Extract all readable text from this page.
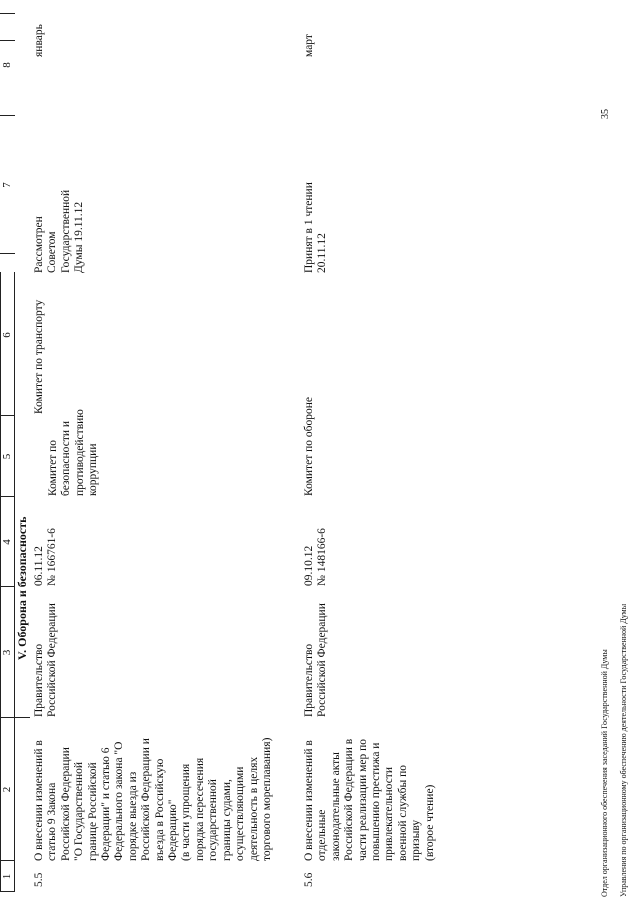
1
2
3
4
5
6
7
8
V. Оборона и безопасность
5.5
О внесении изменений в
статью 9 Закона
Российской Федерации
"О Государственной
границе Российской
Федерации" и статью 6
Федерального закона "О
порядке выезда из
Российской Федерации и
въезда в Российскую
Федерацию"
(в части упрощения
порядка пересечения
государственной
границы судами,
осуществляющими
деятельность в целях
торгового мореплавания)
Правительство
Российской Федерации
06.11.12
№ 166761-6
Комитет по
безопасности и
противодействию
коррупции
Комитет по транспорту
Рассмотрен
Советом
Государственной
Думы 19.11.12
январь
5.6
О внесении изменений в
отдельные
законодательные акты
Российской Федерации в
части реализации мер по
повышению престижа и
привлекательности
военной службы по
призыву
(второе чтение)
Правительство
Российской Федерации
09.10.12
№ 148166-6
Комитет по обороне
Принят в 1 чтении
20.11.12
март

Отдел организационного обеспечения заседаний Государственной Думы Управления по организационному обеспечению деятельности Государственной Думы

35
